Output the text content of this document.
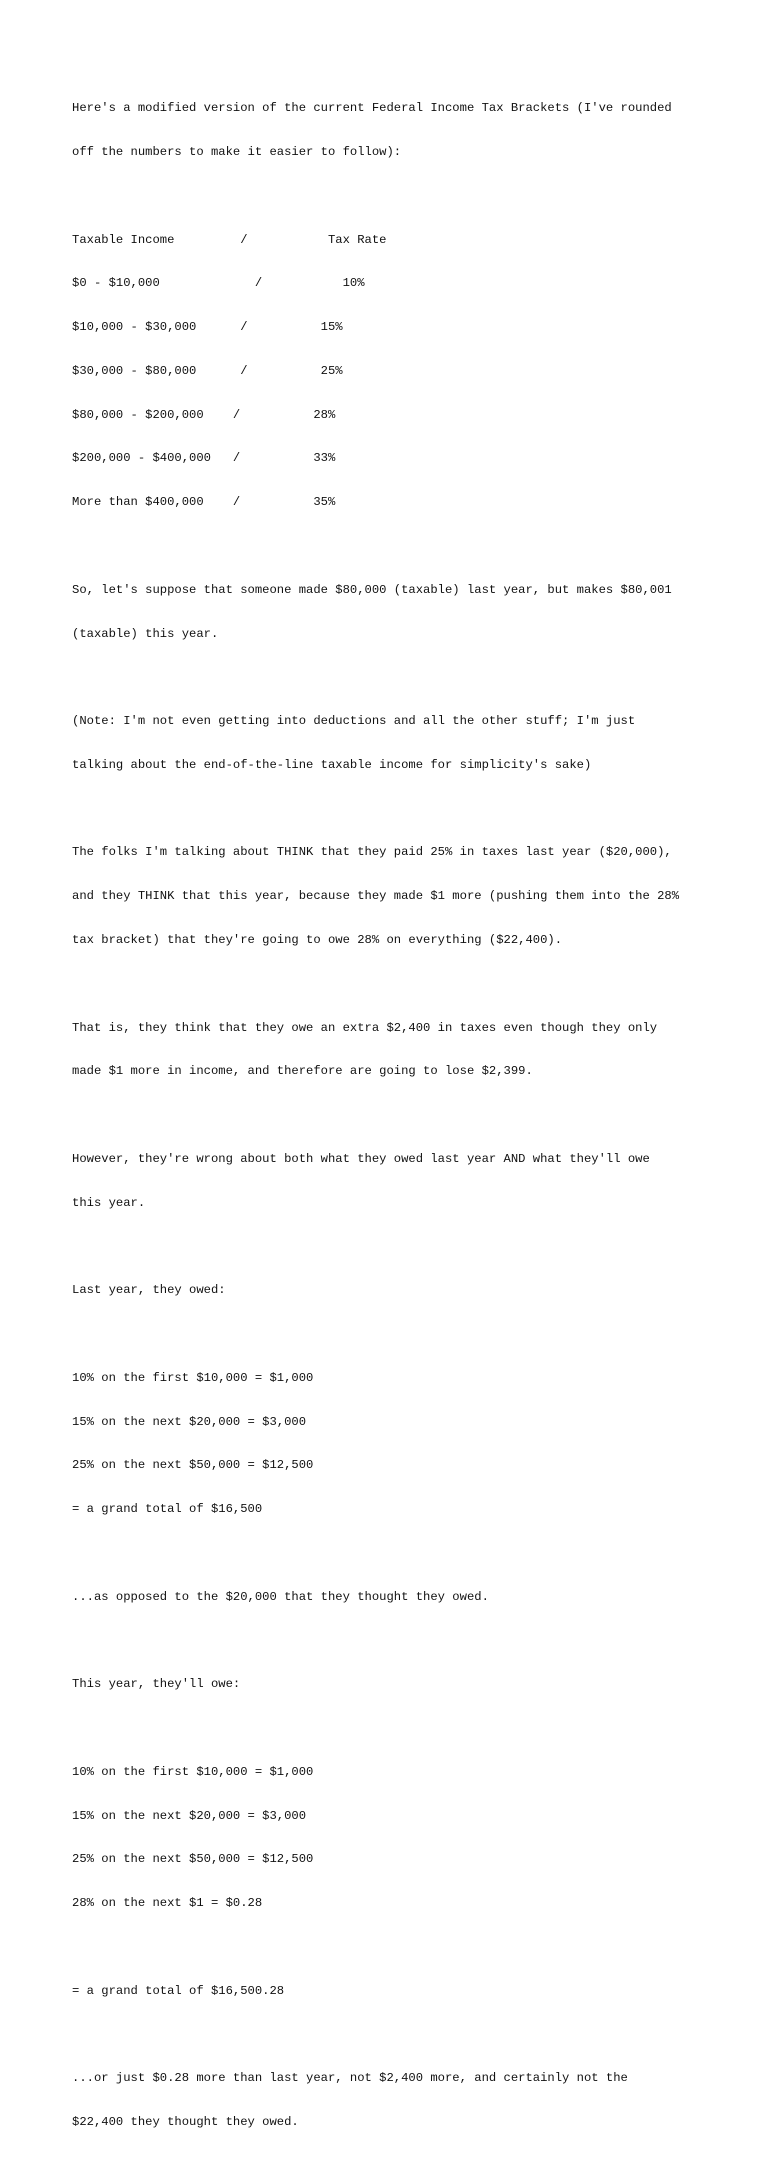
Here's a modified version of the current Federal Income Tax Brackets (I've rounded

off the numbers to make it easier to follow):

Taxable Income         /           Tax Rate

$0 - $10,000             /           10%

$10,000 - $30,000      /          15%

$30,000 - $80,000      /          25%

$80,000 - $200,000    /          28%

$200,000 - $400,000   /          33%

More than $400,000    /          35%

So, let's suppose that someone made $80,000 (taxable) last year, but makes $80,001

(taxable) this year.

(Note: I'm not even getting into deductions and all the other stuff; I'm just

talking about the end-of-the-line taxable income for simplicity's sake)

The folks I'm talking about THINK that they paid 25% in taxes last year ($20,000),

and they THINK that this year, because they made $1 more (pushing them into the 28%

tax bracket) that they're going to owe 28% on everything ($22,400).

That is, they think that they owe an extra $2,400 in taxes even though they only

made $1 more in income, and therefore are going to lose $2,399.

However, they're wrong about both what they owed last year AND what they'll owe

this year.

Last year, they owed:

10% on the first $10,000 = $1,000

15% on the next $20,000 = $3,000

25% on the next $50,000 = $12,500

= a grand total of $16,500

...as opposed to the $20,000 that they thought they owed.

This year, they'll owe:

10% on the first $10,000 = $1,000

15% on the next $20,000 = $3,000

25% on the next $50,000 = $12,500

28% on the next $1 = $0.28

= a grand total of $16,500.28

...or just $0.28 more than last year, not $2,400 more, and certainly not the

$22,400 they thought they owed.
